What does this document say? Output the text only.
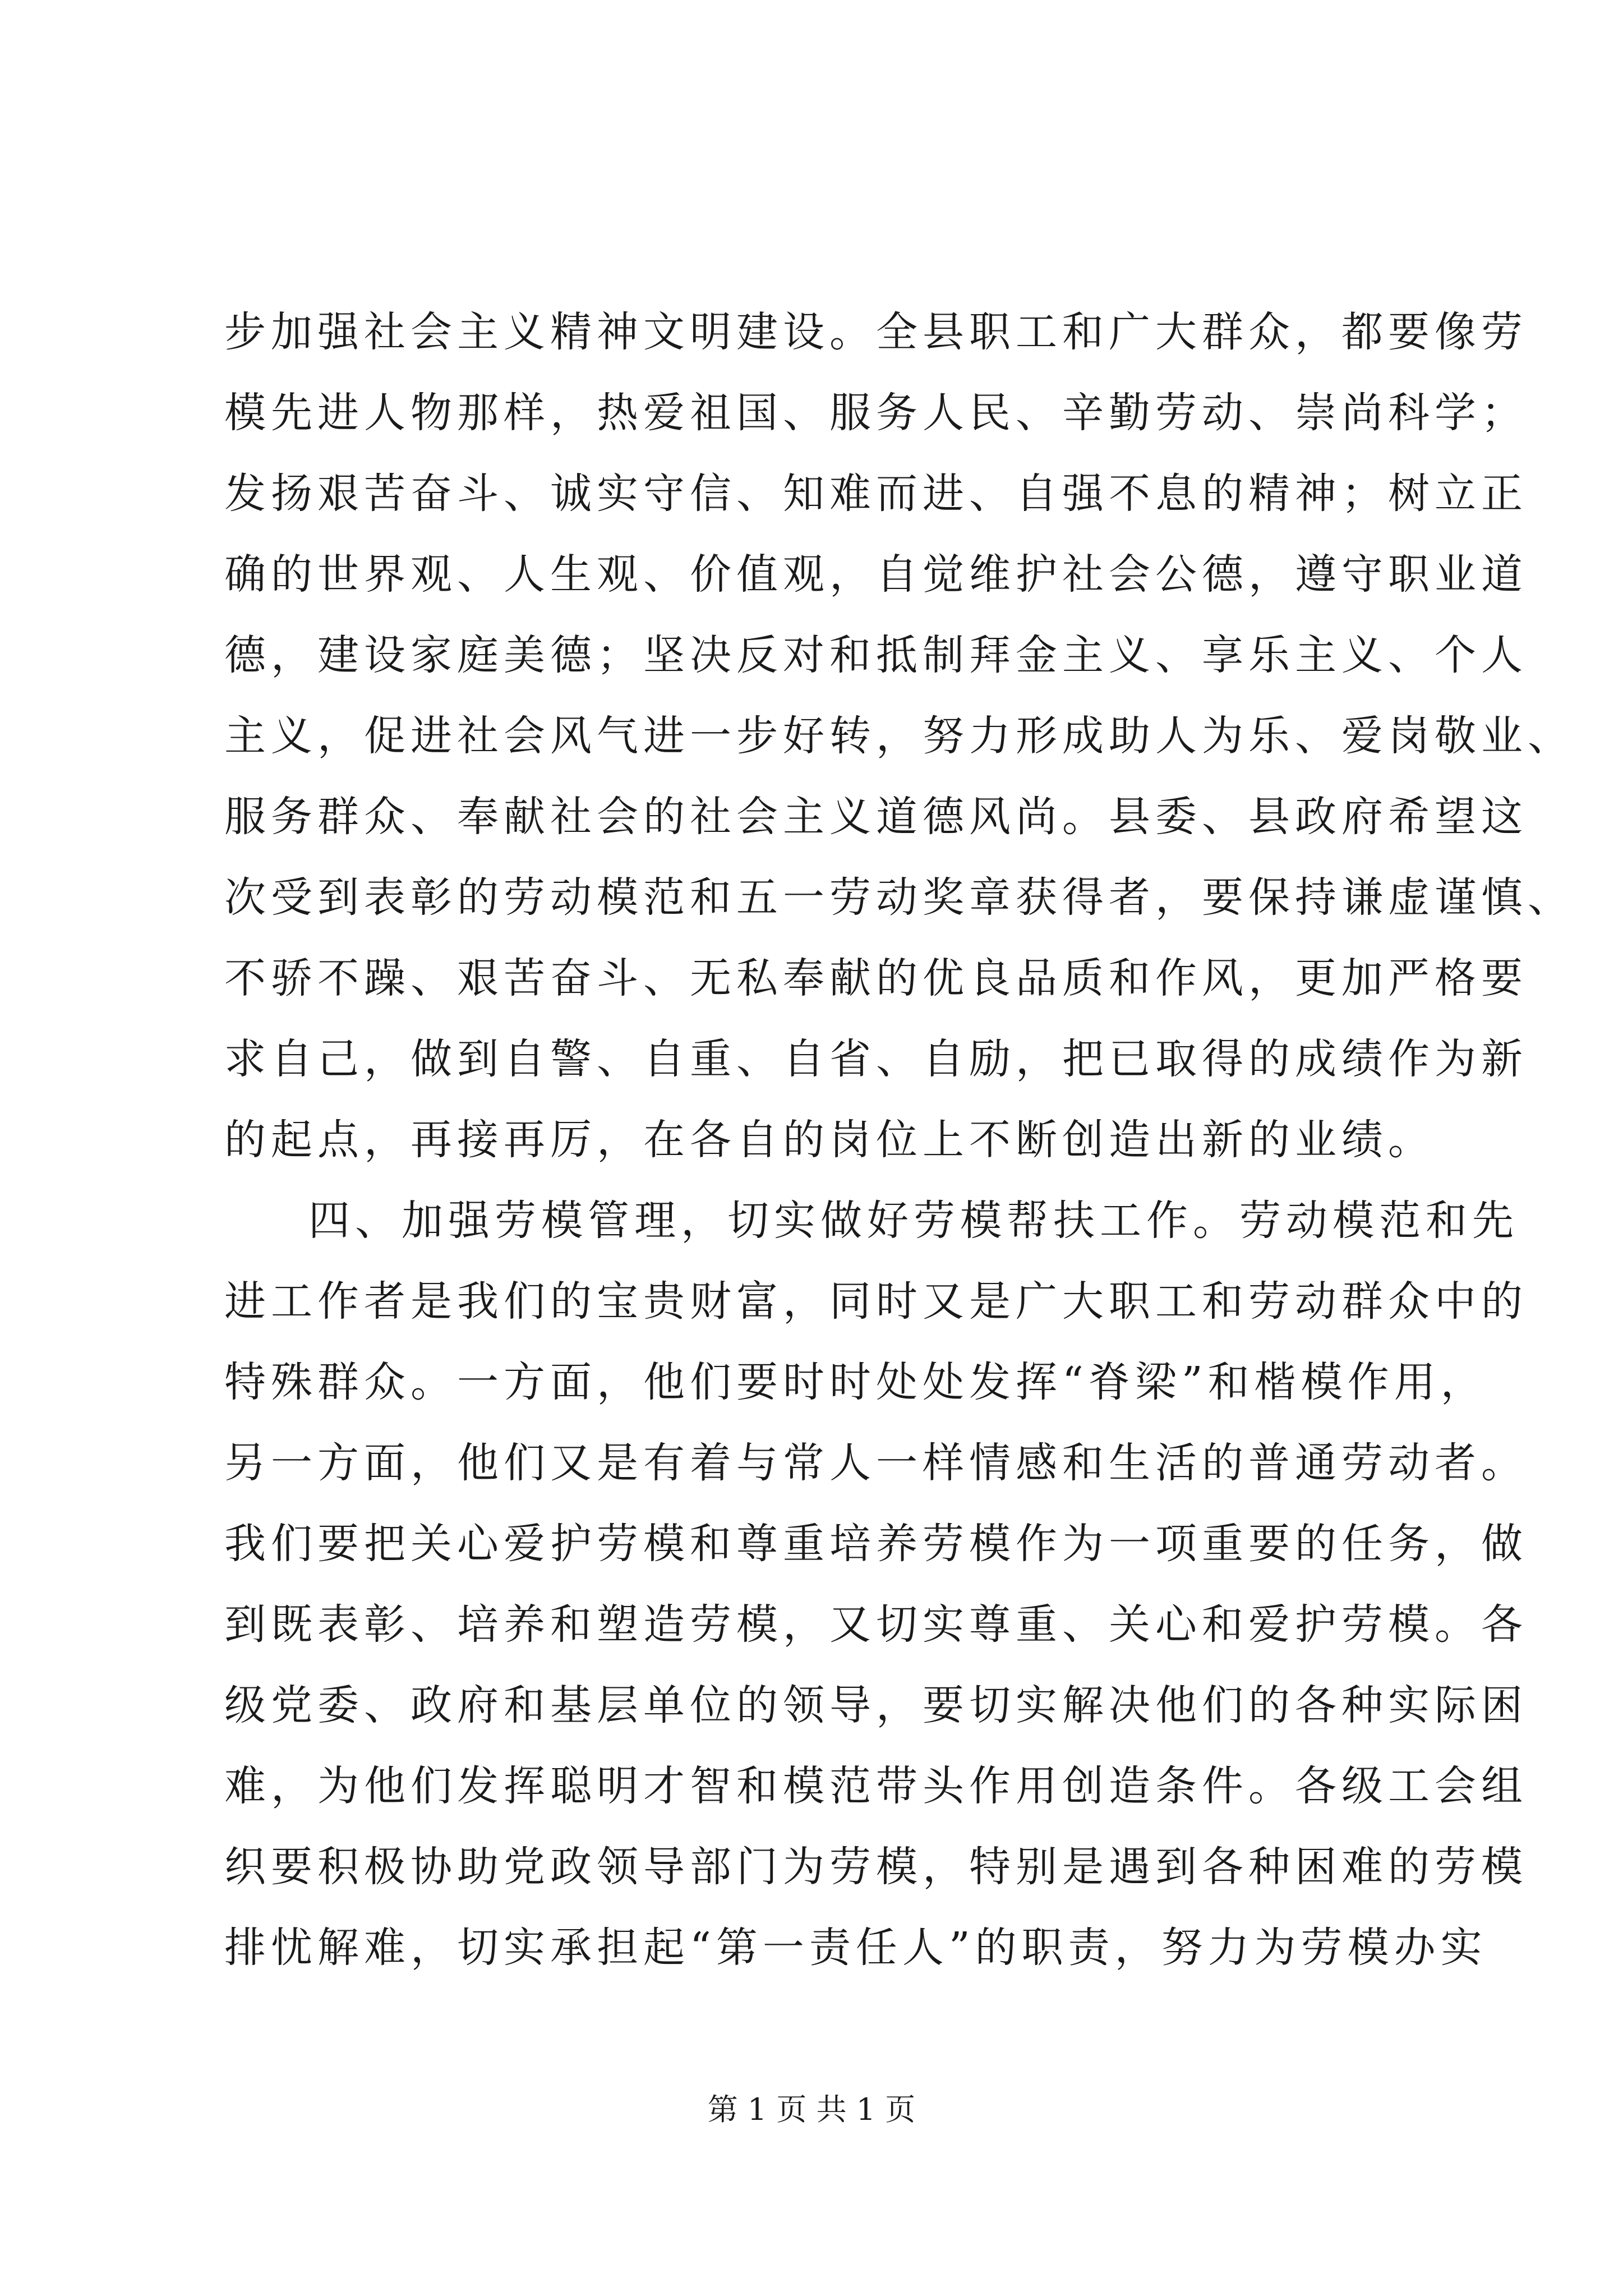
步加强社会主义精神文明建设。全县职工和广大群众，都要像劳
模先进人物那样，热爱祖国、服务人民、辛勤劳动、崇尚科学；
发扬艰苦奋斗、诚实守信、知难而进、自强不息的精神；树立正
确的世界观、人生观、价值观，自觉维护社会公德，遵守职业道
德，建设家庭美德；坚决反对和抵制拜金主义、享乐主义、个人
主义，促进社会风气进一步好转，努力形成助人为乐、爱岗敬业、
服务群众、奉献社会的社会主义道德风尚。县委、县政府希望这
次受到表彰的劳动模范和五一劳动奖章获得者，要保持谦虚谨慎、
不骄不躁、艰苦奋斗、无私奉献的优良品质和作风，更加严格要
求自己，做到自警、自重、自省、自励，把已取得的成绩作为新
的起点，再接再厉，在各自的岗位上不断创造出新的业绩。
四、加强劳模管理，切实做好劳模帮扶工作。劳动模范和先
进工作者是我们的宝贵财富，同时又是广大职工和劳动群众中的
特殊群众。一方面，他们要时时处处发挥“脊梁”和楷模作用，
另一方面，他们又是有着与常人一样情感和生活的普通劳动者。
我们要把关心爱护劳模和尊重培养劳模作为一项重要的任务，做
到既表彰、培养和塑造劳模，又切实尊重、关心和爱护劳模。各
级党委、政府和基层单位的领导，要切实解决他们的各种实际困
难，为他们发挥聪明才智和模范带头作用创造条件。各级工会组
织要积极协助党政领导部门为劳模，特别是遇到各种困难的劳模
排忧解难，切实承担起“第一责任人”的职责，努力为劳模办实
第 1 页 共 1 页
